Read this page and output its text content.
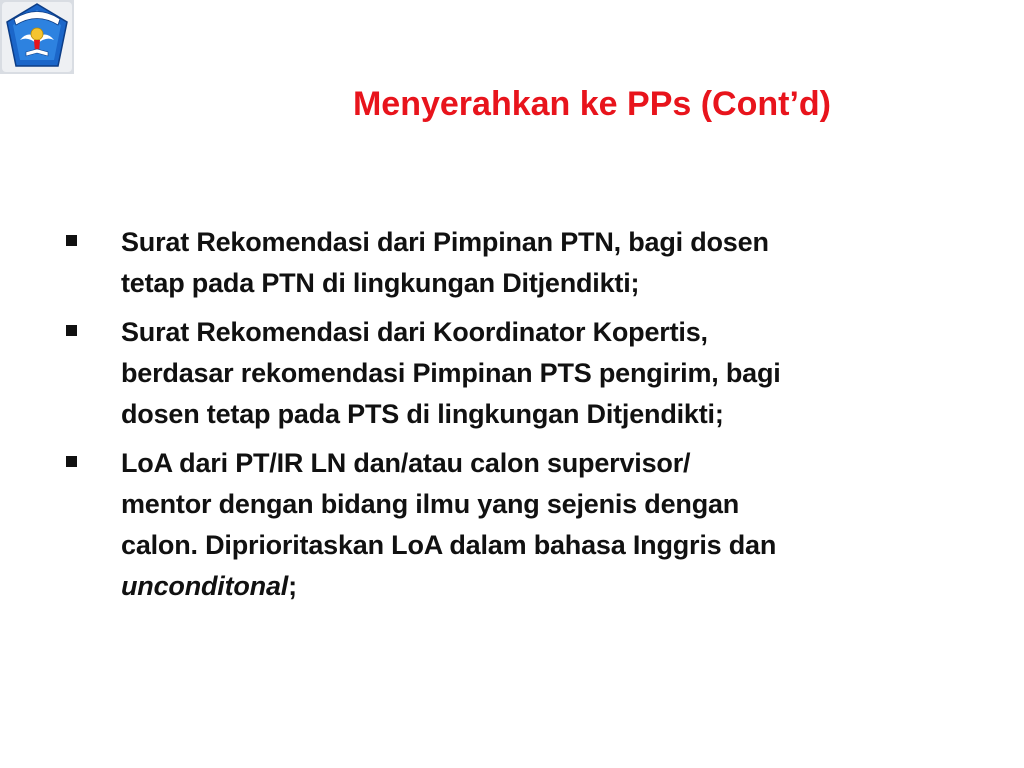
Menyerahkan ke PPs (Cont’d)
Surat Rekomendasi dari Pimpinan PTN, bagi dosen
tetap pada PTN di lingkungan Ditjendikti;
Surat Rekomendasi dari Koordinator Kopertis,
berdasar rekomendasi Pimpinan PTS pengirim, bagi
dosen tetap pada PTS di lingkungan Ditjendikti;
LoA dari PT/IR LN dan/atau calon supervisor/
mentor dengan bidang ilmu yang sejenis dengan
calon. Diprioritaskan LoA dalam bahasa Inggris dan
unconditonal;
